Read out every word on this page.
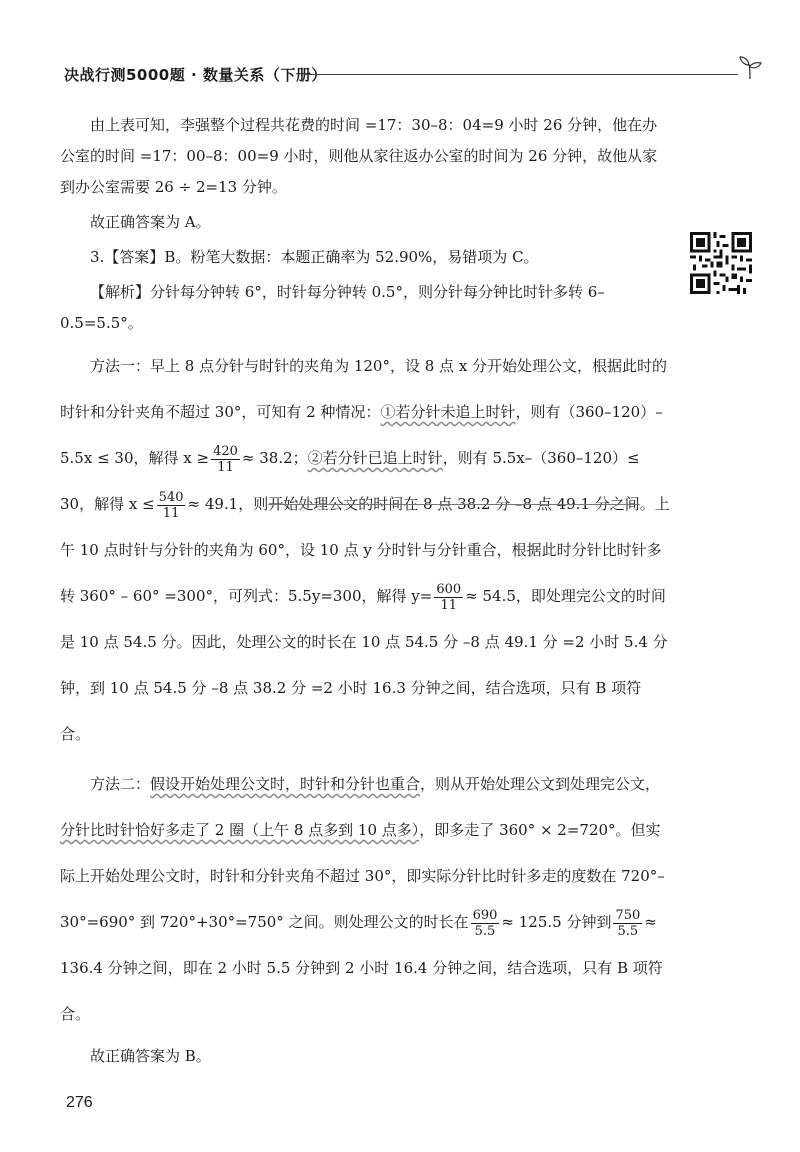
决战行测5000题 · 数量关系（下册）

由上表可知，李强整个过程共花费的时间 =17：30–8：04=9 小时 26 分钟，他在办公室的时间 =17：00–8：00=9 小时，则他从家往返办公室的时间为 26 分钟，故他从家到办公室需要 26 ÷ 2=13 分钟。

故正确答案为 A。

3.【答案】B。粉笔大数据：本题正确率为 52.90%，易错项为 C。

【解析】分针每分钟转 6°，时针每分钟转 0.5°，则分针每分钟比时针多转 6–0.5=5.5°。

方法一：早上 8 点分针与时针的夹角为 120°，设 8 点 x 分开始处理公文，根据此时的时针和分针夹角不超过 30°，可知有 2 种情况：①若分针未追上时针，则有（360–120）–5.5x ≤ 30，解得 $x \ge \frac{420}{11} \approx 38.2$；②若分针已追上时针，则有 5.5x–（360–120）≤ 30，解得 $x \le \frac{540}{11} \approx 49.1$，则开始处理公文的时间在 8 点 38.2 分 –8 点 49.1 分之间。上午 10 点时针与分针的夹角为 60°，设 10 点 y 分时针与分针重合，根据此时分针比时针多转 360° – 60° =300°，可列式：5.5y=300，解得 $y= \frac{600}{11} \approx 54.5$，即处理完公文的时间是 10 点 54.5 分。因此，处理公文的时长在 10 点 54.5 分 –8 点 49.1 分 =2 小时 5.4 分钟，到 10 点 54.5 分 –8 点 38.2 分 =2 小时 16.3 分钟之间，结合选项，只有 B 项符合。

方法二：假设开始处理公文时，时针和分针也重合，则从开始处理公文到处理完公文，分针比时针恰好多走了 2 圈（上午 8 点多到 10 点多），即多走了 360° × 2=720°。但实际上开始处理公文时，时针和分针夹角不超过 30°，即实际分针比时针多走的度数在 720°–30°=690° 到 720°+30°=750° 之间。则处理公文的时长在 $\frac{690}{5.5} \approx 125.5$ 分钟到 $\frac{750}{5.5} \approx 136.4$ 分钟之间，即在 2 小时 5.5 分钟到 2 小时 16.4 分钟之间，结合选项，只有 B 项符合。

故正确答案为 B。

276
